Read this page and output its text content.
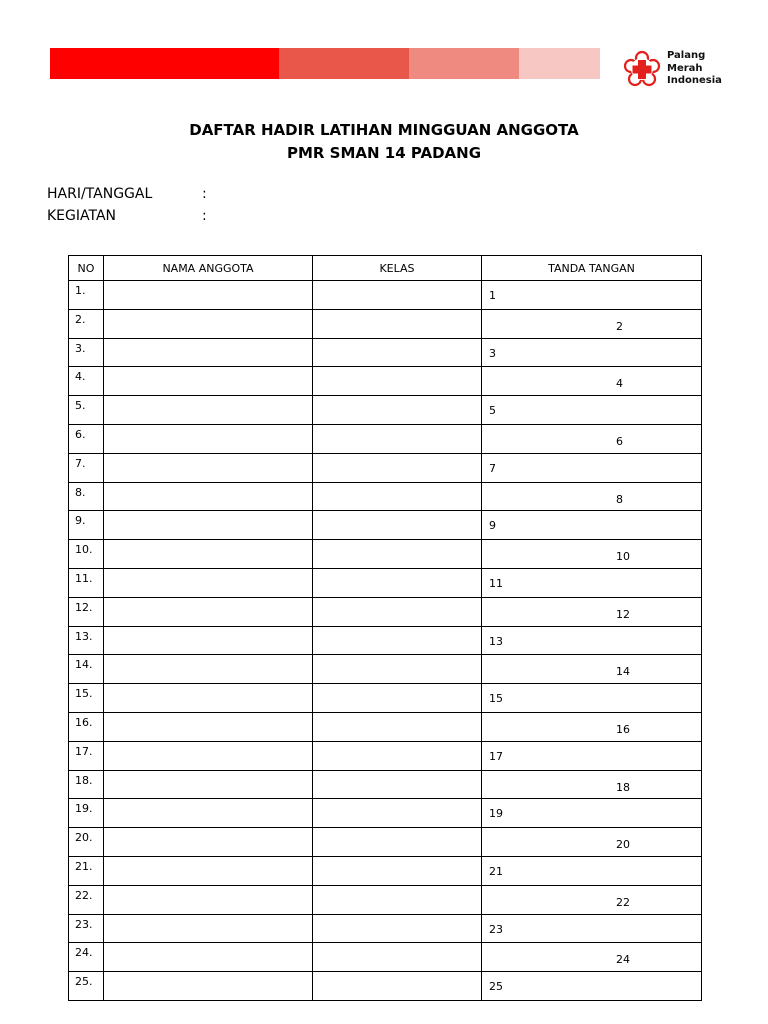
Palang
Merah
Indonesia
DAFTAR HADIR LATIHAN MINGGUAN ANGGOTA
PMR SMAN 14 PADANG
HARI/TANGGAL	:
KEGIATAN	:
NO	NAMA ANGGOTA	KELAS	TANDA TANGAN
1.			1

2.			2

3.			3

4.			4

5.			5

6.			6

7.			7

8.			8

9.			9

10.			10

11.			11

12.			12

13.			13

14.			14

15.			15

16.			16

17.			17

18.			18

19.			19

20.			20

21.			21

22.			22

23.			23

24.			24

25.			25
